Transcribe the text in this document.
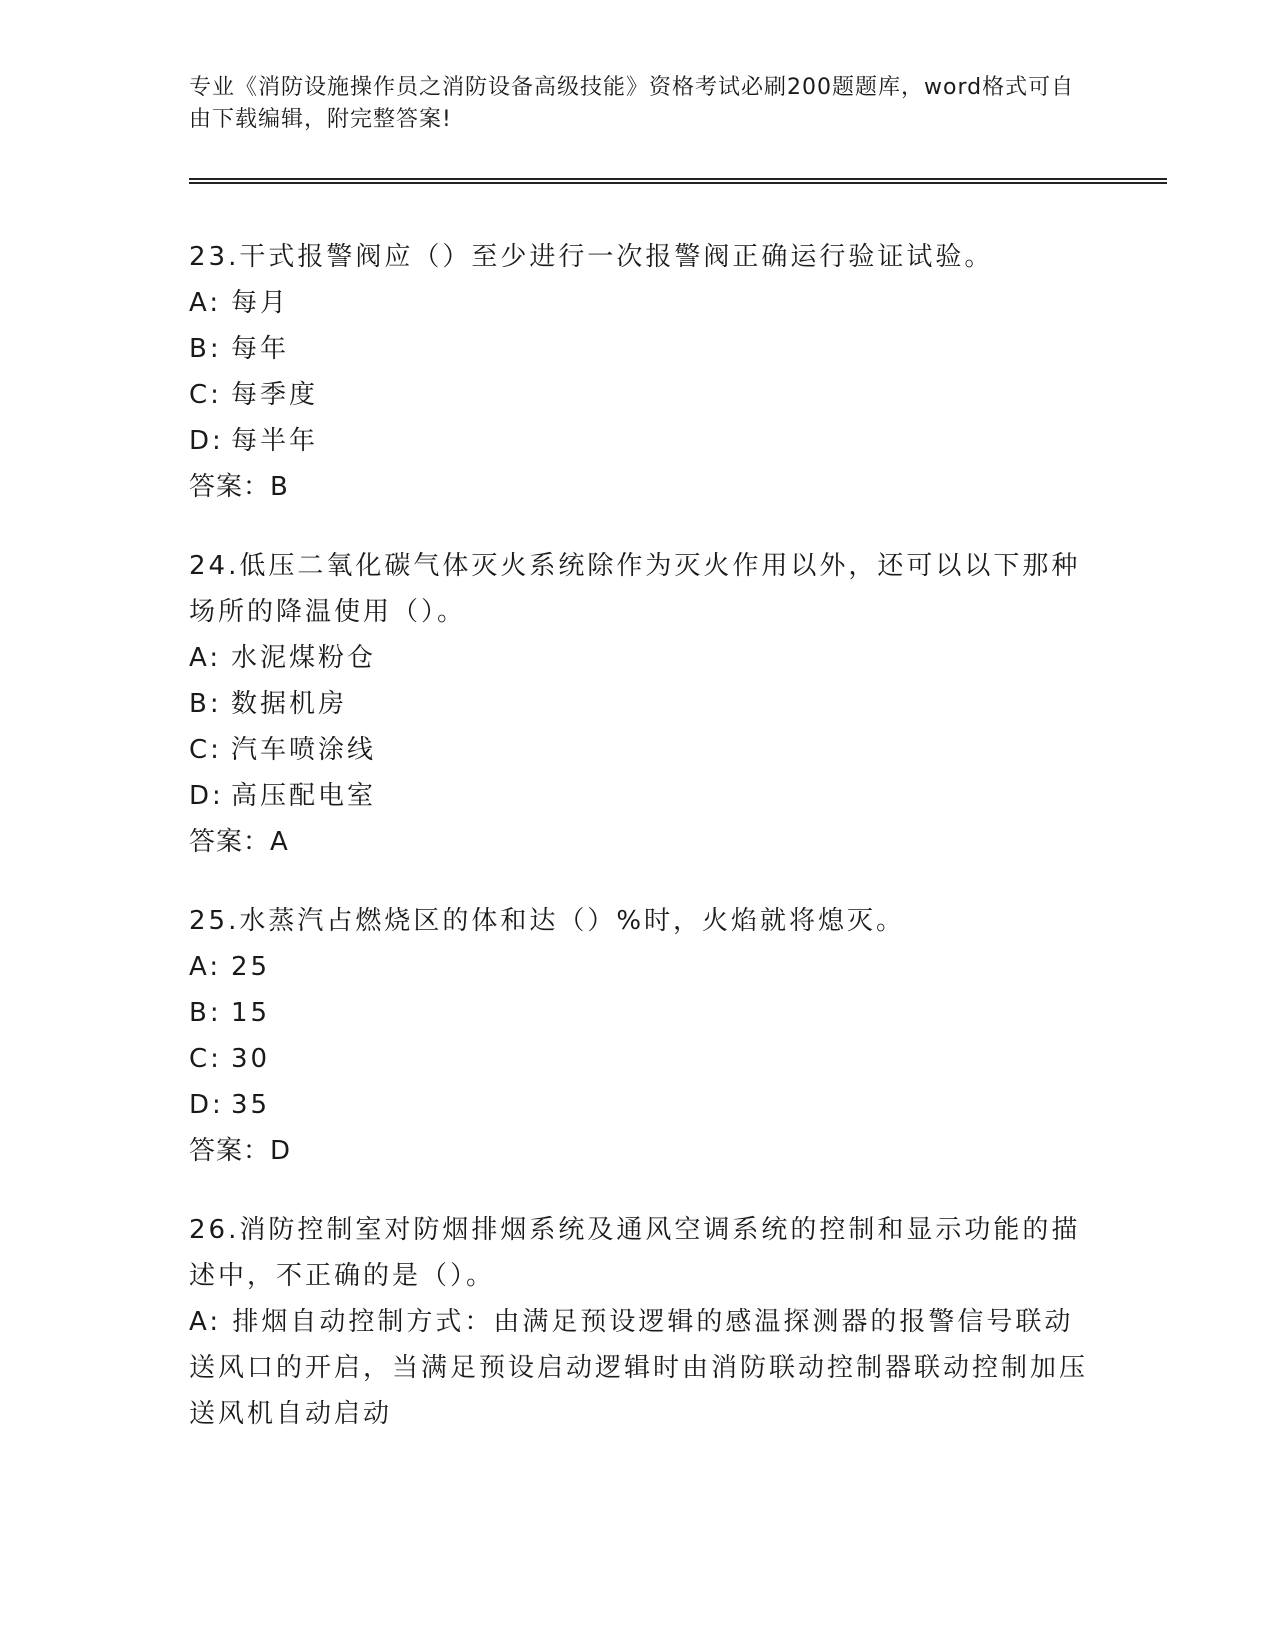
专业《消防设施操作员之消防设备高级技能》资格考试必刷200题题库，word格式可自由下载编辑，附完整答案!
23.干式报警阀应（）至少进行一次报警阀正确运行验证试验。
A: 每月
B: 每年
C: 每季度
D: 每半年
答案：B
24.低压二氧化碳气体灭火系统除作为灭火作用以外，还可以以下那种场所的降温使用（）。
A: 水泥煤粉仓
B: 数据机房
C: 汽车喷涂线
D: 高压配电室
答案：A
25.水蒸汽占燃烧区的体和达（）%时，火焰就将熄灭。
A: 25
B: 15
C: 30
D: 35
答案：D
26.消防控制室对防烟排烟系统及通风空调系统的控制和显示功能的描述中，不正确的是（）。
A: 排烟自动控制方式：由满足预设逻辑的感温探测器的报警信号联动送风口的开启，当满足预设启动逻辑时由消防联动控制器联动控制加压送风机自动启动
